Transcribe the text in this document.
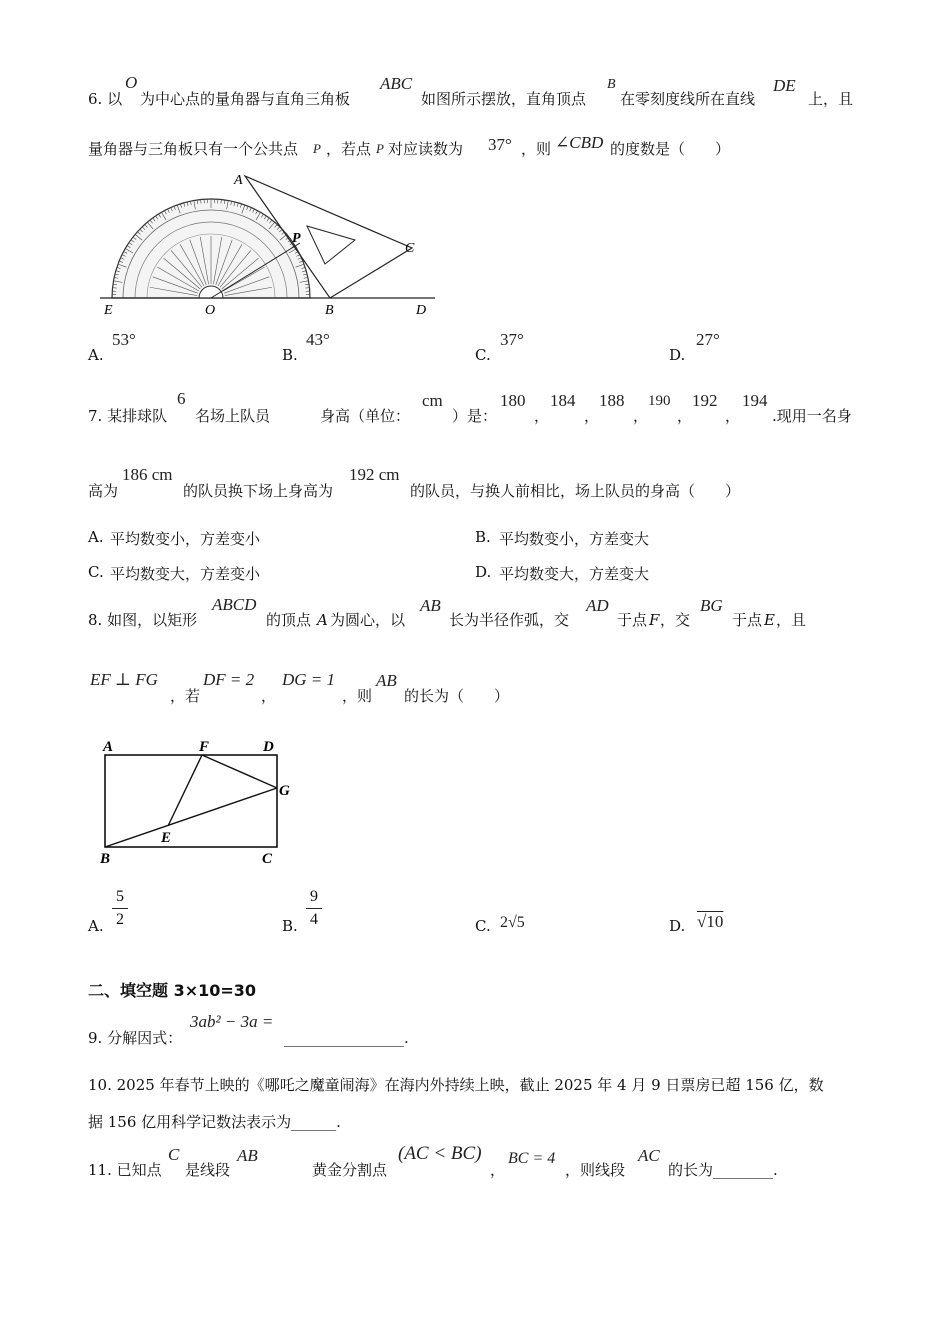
6. 以
O
为中心点的量角器与直角三角板
ABC
如图所示摆放，直角顶点
B
在零刻度线所在直线
DE
上，且
量角器与三角板只有一个公共点 P ，若点 P 对应读数为 37° ，则 ∠CBD 的度数是（　　）
A
P
C
E	O	B	D
A.
53°
B.
43°
C.
37°
D.
27°
7. 某排球队
6
名场上队员	身高（单位：
cm
）是：
180
，
184
，
188
，
190
，
192
，
194
.现用一名身
高为
186 cm
的队员换下场上身高为
192 cm
的队员，与换人前相比，场上队员的身高（　　）
A. 平均数变小，方差变小	B. 平均数变小，方差变大
C. 平均数变大，方差变小	D. 平均数变大，方差变大
8. 如图，以矩形
ABCD
的顶点 A 为圆心，以
AB
长为半径作弧，交
AD
于点 F ，交
BG
于点 E ，且
EF ⊥ FG
，若
DF = 2
，
DG = 1
，则
AB
的长为（　　）
A	F	D
G
E
B	C
A.
5
2	B.
9
4	C. 2√5	D. √10
二、填空题 3×10=30
9. 分解因式：
3ab² − 3a =
________________.
10. 2025 年春节上映的《哪吒之魔童闹海》在海内外持续上映，截止 2025 年 4 月 9 日票房已超 156 亿，数
据 156 亿用科学记数法表示为______.
11. 已知点
C
是线段
AB
黄金分割点
(AC < BC)
，
BC = 4
，则线段
AC
的长为________.
